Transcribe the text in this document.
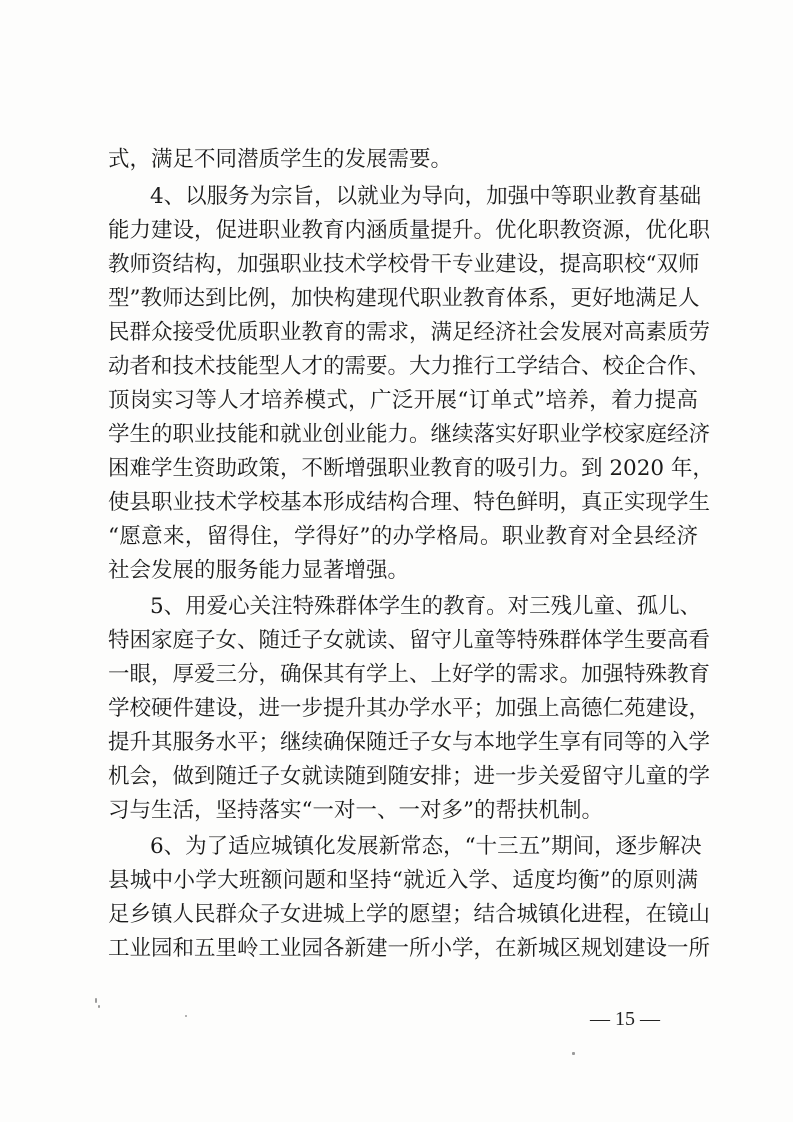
式，满足不同潜质学生的发展需要。
4、以服务为宗旨，以就业为导向，加强中等职业教育基础
能力建设，促进职业教育内涵质量提升。优化职教资源，优化职
教师资结构，加强职业技术学校骨干专业建设，提高职校“双师
型”教师达到比例，加快构建现代职业教育体系，更好地满足人
民群众接受优质职业教育的需求，满足经济社会发展对高素质劳
动者和技术技能型人才的需要。大力推行工学结合、校企合作、
顶岗实习等人才培养模式，广泛开展“订单式”培养，着力提高
学生的职业技能和就业创业能力。继续落实好职业学校家庭经济
困难学生资助政策，不断增强职业教育的吸引力。到 2020 年，
使县职业技术学校基本形成结构合理、特色鲜明，真正实现学生
“愿意来，留得住，学得好”的办学格局。职业教育对全县经济
社会发展的服务能力显著增强。
5、用爱心关注特殊群体学生的教育。对三残儿童、孤儿、
特困家庭子女、随迁子女就读、留守儿童等特殊群体学生要高看
一眼，厚爱三分，确保其有学上、上好学的需求。加强特殊教育
学校硬件建设，进一步提升其办学水平；加强上高德仁苑建设，
提升其服务水平；继续确保随迁子女与本地学生享有同等的入学
机会，做到随迁子女就读随到随安排；进一步关爱留守儿童的学
习与生活，坚持落实“一对一、一对多”的帮扶机制。
6、为了适应城镇化发展新常态，“十三五”期间，逐步解决
县城中小学大班额问题和坚持“就近入学、适度均衡”的原则满
足乡镇人民群众子女进城上学的愿望；结合城镇化进程，在镜山
工业园和五里岭工业园各新建一所小学，在新城区规划建设一所
— 15 —
